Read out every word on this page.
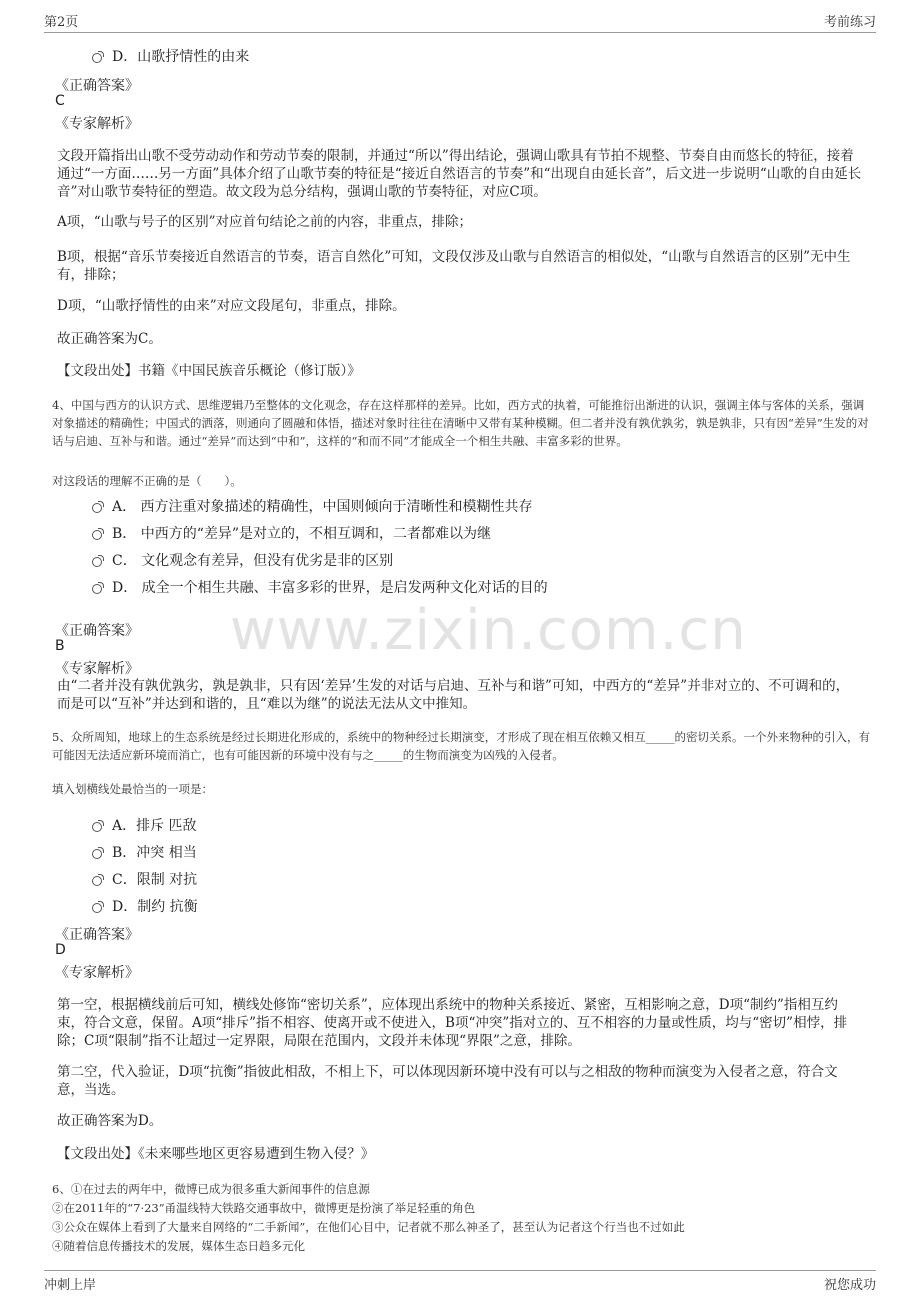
第2页	考前练习
www.zixin.com.cn
D．山歌抒情性的由来
《正确答案》
C
《专家解析》
文段开篇指出山歌不受劳动动作和劳动节奏的限制，并通过“所以”得出结论，强调山歌具有节拍不规整、节奏自由而悠长的特征，接着通过“一方面……另一方面”具体介绍了山歌节奏的特征是“接近自然语言的节奏”和“出现自由延长音”，后文进一步说明“山歌的自由延长音”对山歌节奏特征的塑造。故文段为总分结构，强调山歌的节奏特征，对应C项。
A项，“山歌与号子的区别”对应首句结论之前的内容，非重点，排除；
B项，根据“音乐节奏接近自然语言的节奏，语言自然化”可知，文段仅涉及山歌与自然语言的相似处，“山歌与自然语言的区别”无中生有，排除；
D项，“山歌抒情性的由来”对应文段尾句，非重点，排除。
故正确答案为C。
【文段出处】书籍《中国民族音乐概论（修订版）》
4、中国与西方的认识方式、思维逻辑乃至整体的文化观念，存在这样那样的差异。比如，西方式的执着，可能推衍出渐进的认识，强调主体与客体的关系，强调对象描述的精确性；中国式的洒落，则通向了圆融和体悟，描述对象时往往在清晰中又带有某种模糊。但二者并没有孰优孰劣，孰是孰非，只有因“差异”生发的对话与启迪、互补与和谐。通过“差异”而达到“中和”，这样的“和而不同”才能成全一个相生共融、丰富多彩的世界。
对这段话的理解不正确的是（　　）。
A． 西方注重对象描述的精确性，中国则倾向于清晰性和模糊性共存
B． 中西方的“差异”是对立的，不相互调和，二者都难以为继
C． 文化观念有差异，但没有优劣是非的区别
D． 成全一个相生共融、丰富多彩的世界，是启发两种文化对话的目的
《正确答案》
B
《专家解析》
由“二者并没有孰优孰劣，孰是孰非，只有因‘差异’生发的对话与启迪、互补与和谐”可知，中西方的“差异”并非对立的、不可调和的，而是可以“互补”并达到和谐的，且“难以为继”的说法无法从文中推知。
5、众所周知，地球上的生态系统是经过长期进化形成的，系统中的物种经过长期演变，才形成了现在相互依赖又相互_____的密切关系。一个外来物种的引入，有可能因无法适应新环境而消亡，也有可能因新的环境中没有与之_____的生物而演变为凶残的入侵者。
填入划横线处最恰当的一项是：
A．排斥 匹敌
B．冲突 相当
C．限制 对抗
D．制约 抗衡
《正确答案》
D
《专家解析》
第一空，根据横线前后可知，横线处修饰“密切关系”，应体现出系统中的物种关系接近、紧密，互相影响之意，D项“制约”指相互约束，符合文意，保留。A项“排斥”指不相容、使离开或不使进入，B项“冲突”指对立的、互不相容的力量或性质，均与“密切”相悖，排除；C项“限制”指不让超过一定界限，局限在范围内，文段并未体现“界限”之意，排除。
第二空，代入验证，D项“抗衡”指彼此相敌，不相上下，可以体现因新环境中没有可以与之相敌的物种而演变为入侵者之意，符合文意，当选。
故正确答案为D。
【文段出处】《未来哪些地区更容易遭到生物入侵？》
6、①在过去的两年中，微博已成为很多重大新闻事件的信息源
②在2011年的“7·23”甬温线特大铁路交通事故中，微博更是扮演了举足轻重的角色
③公众在媒体上看到了大量来自网络的“二手新闻”，在他们心目中，记者就不那么神圣了，甚至认为记者这个行当也不过如此
④随着信息传播技术的发展，媒体生态日趋多元化
冲刺上岸	祝您成功
